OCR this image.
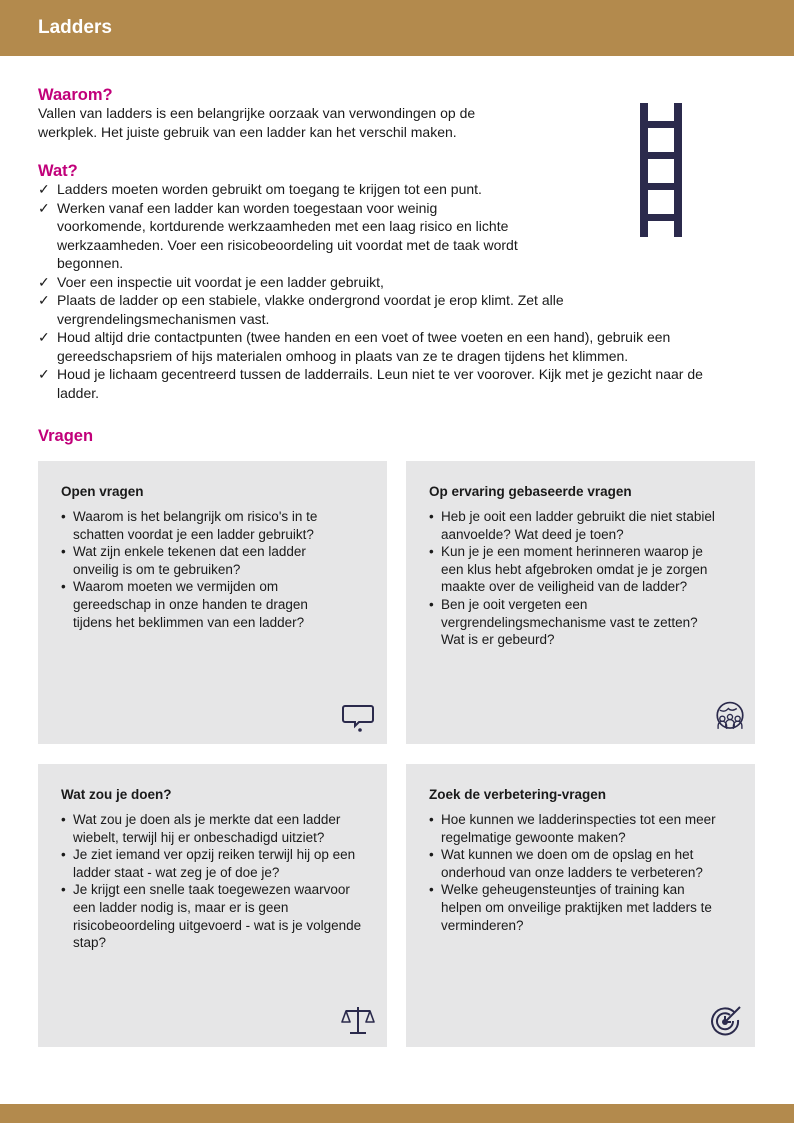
Ladders
Waarom?
Vallen van ladders is een belangrijke oorzaak van verwondingen op de werkplek. Het juiste gebruik van een ladder kan het verschil maken.
Wat?
✓ Ladders moeten worden gebruikt om toegang te krijgen tot een punt.
✓ Werken vanaf een ladder kan worden toegestaan voor weinig voorkomende, kortdurende werkzaamheden met een laag risico en lichte werkzaamheden. Voer een risicobeoordeling uit voordat met de taak wordt begonnen.
✓ Voer een inspectie uit voordat je een ladder gebruikt,
✓ Plaats de ladder op een stabiele, vlakke ondergrond voordat je erop klimt. Zet alle vergrendelingsmechanismen vast.
✓ Houd altijd drie contactpunten (twee handen en een voet of twee voeten en een hand), gebruik een gereedschapsriem of hijs materialen omhoog in plaats van ze te dragen tijdens het klimmen.
✓ Houd je lichaam gecentreerd tussen de ladderrails. Leun niet te ver voorover. Kijk met je gezicht naar de ladder.
Vragen
Open vragen
• Waarom is het belangrijk om risico's in te schatten voordat je een ladder gebruikt?
• Wat zijn enkele tekenen dat een ladder onveilig is om te gebruiken?
• Waarom moeten we vermijden om gereedschap in onze handen te dragen tijdens het beklimmen van een ladder?
Op ervaring gebaseerde vragen
• Heb je ooit een ladder gebruikt die niet stabiel aanvoelde? Wat deed je toen?
• Kun je je een moment herinneren waarop je een klus hebt afgebroken omdat je je zorgen maakte over de veiligheid van de ladder?
• Ben je ooit vergeten een vergrendelingsmechanisme vast te zetten? Wat is er gebeurd?
Wat zou je doen?
• Wat zou je doen als je merkte dat een ladder wiebelt, terwijl hij er onbeschadigd uitziet?
• Je ziet iemand ver opzij reiken terwijl hij op een ladder staat - wat zeg je of doe je?
• Je krijgt een snelle taak toegewezen waarvoor een ladder nodig is, maar er is geen risicobeoordeling uitgevoerd - wat is je volgende stap?
Zoek de verbetering-vragen
• Hoe kunnen we ladderinspecties tot een meer regelmatige gewoonte maken?
• Wat kunnen we doen om de opslag en het onderhoud van onze ladders te verbeteren?
• Welke geheugensteuntjes of training kan helpen om onveilige praktijken met ladders te verminderen?
